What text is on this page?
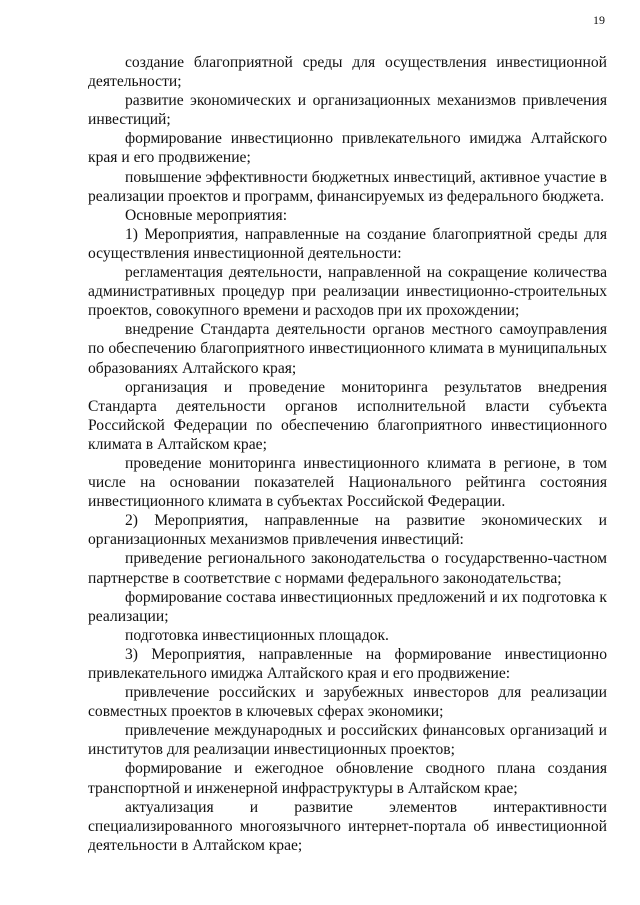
19

создание благоприятной среды для осуществления инвестиционной деятельности;

развитие экономических и организационных механизмов привлечения инвестиций;

формирование инвестиционно привлекательного имиджа Алтайского края и его продвижение;

повышение эффективности бюджетных инвестиций, активное участие в реализации проектов и программ, финансируемых из федерального бюджета.

Основные мероприятия:

1) Мероприятия, направленные на создание благоприятной среды для осуществления инвестиционной деятельности:

регламентация деятельности, направленной на сокращение количества административных процедур при реализации инвестиционно-строительных проектов, совокупного времени и расходов при их прохождении;

внедрение Стандарта деятельности органов местного самоуправления по обеспечению благоприятного инвестиционного климата в муниципальных образованиях Алтайского края;

организация и проведение мониторинга результатов внедрения Стандарта деятельности органов исполнительной власти субъекта Российской Федерации по обеспечению благоприятного инвестиционного климата в Алтайском крае;

проведение мониторинга инвестиционного климата в регионе, в том числе на основании показателей Национального рейтинга состояния инвестиционного климата в субъектах Российской Федерации.

2) Мероприятия, направленные на развитие экономических и организационных механизмов привлечения инвестиций:

приведение регионального законодательства о государственно-частном партнерстве в соответствие с нормами федерального законодательства;

формирование состава инвестиционных предложений и их подготовка к реализации;

подготовка инвестиционных площадок.

3) Мероприятия, направленные на формирование инвестиционно привлекательного имиджа Алтайского края и его продвижение:

привлечение российских и зарубежных инвесторов для реализации совместных проектов в ключевых сферах экономики;

привлечение международных и российских финансовых организаций и институтов для реализации инвестиционных проектов;

формирование и ежегодное обновление сводного плана создания транспортной и инженерной инфраструктуры в Алтайском крае;

актуализация и развитие элементов интерактивности специализированного многоязычного интернет-портала об инвестиционной деятельности в Алтайском крае;
